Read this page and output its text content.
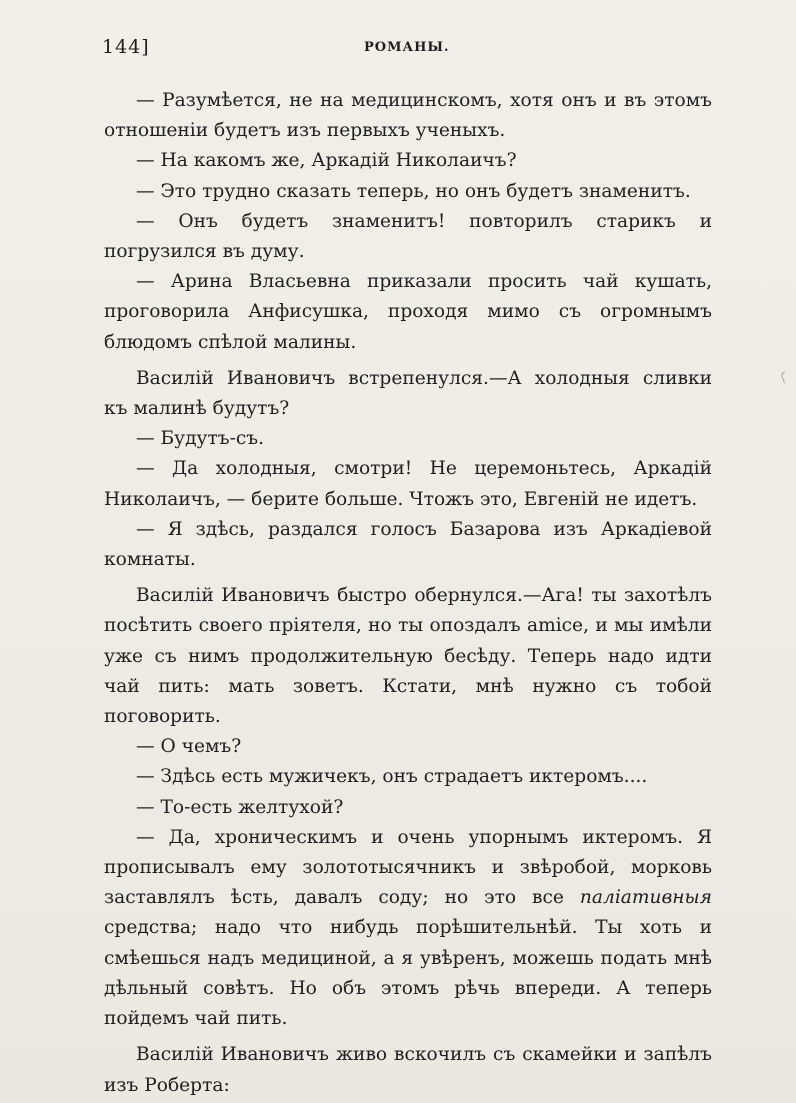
144]	РОМАНЫ.

— Разумѣется, не на медицинскомъ, хотя онъ и въ этомъ отношеніи будетъ изъ первыхъ ученыхъ.

— На какомъ же, Аркадій Николаичъ?

— Это трудно сказать теперь, но онъ будетъ знаменитъ.

— Онъ будетъ знаменитъ! повторилъ старикъ и погрузился въ думу.

— Арина Власьевна приказали просить чай кушать, проговорила Анфисушка, проходя мимо съ огромнымъ блюдомъ спѣлой малины.

Василій Ивановичъ встрепенулся.—А холодныя сливки къ малинѣ будутъ?

— Будутъ-съ.

— Да холодныя, смотри! Не церемоньтесь, Аркадій Николаичъ, — берите больше. Чтожъ это, Евгеній не идетъ.

— Я здѣсь, раздался голосъ Базарова изъ Аркадіевой комнаты.

Василій Ивановичъ быстро обернулся.—Ага! ты захотѣлъ посѣтить своего пріятеля, но ты опоздалъ amice, и мы имѣли уже съ нимъ продолжительную бесѣду. Теперь надо идти чай пить: мать зоветъ. Кстати, мнѣ нужно съ тобой поговорить.

— О чемъ?

— Здѣсь есть мужичекъ, онъ страдаетъ иктеромъ....

— То-есть желтухой?

— Да, хроническимъ и очень упорнымъ иктеромъ. Я прописывалъ ему золототысячникъ и звѣробой, морковь заставлялъ ѣсть, давалъ соду; но это все паліативныя средства; надо что нибудь порѣшительнѣй. Ты хоть и смѣешься надъ медициной, а я увѣренъ, можешь подать мнѣ дѣльный совѣтъ. Но объ этомъ рѣчь впереди. А теперь пойдемъ чай пить.

Василій Ивановичъ живо вскочилъ съ скамейки и запѣлъ изъ Роберта:
